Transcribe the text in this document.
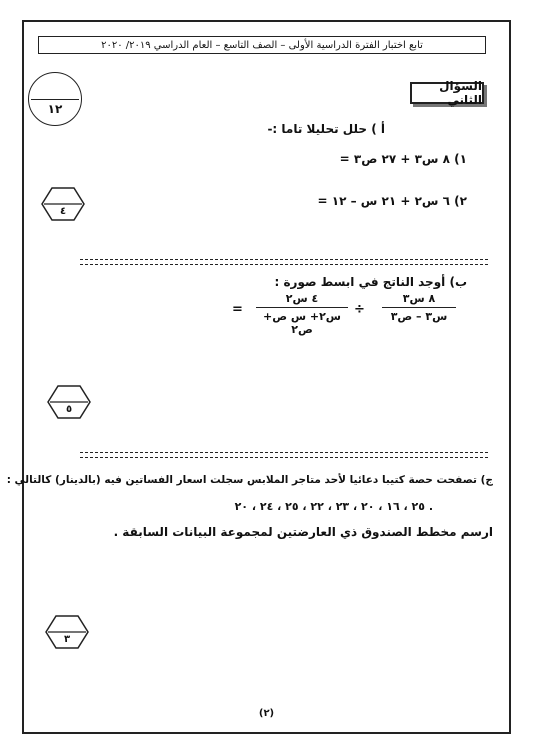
تابع اختبار الفترة الدراسية الأولى – الصف التاسع – العام الدراسي ٢٠١٩/ ٢٠٢٠
١٢
السؤال الثاني
أ ) حلل تحليلا تاما :-
١) ٨ س٣ + ٢٧ ص٣ =
٢) ٦ س٢ + ٢١ س – ١٢ =
٤
ب) أوجد الناتج في ابسط صورة :
٨ س٣
س٣ – ص٣
÷
٤ س٢
س٢+ س ص+ ص٢
=
٥
ج) تصفحت حصة كتيبا دعائيا لأحد متاجر الملابس سجلت اسعار الفساتين فيه (بالدينار) كالتالي :
٢٥ ، ١٦ ، ٢٠ ، ٢٣ ، ٢٢ ، ٢٥ ، ٢٤ ، ٢٠ .
ارسم مخطط الصندوق ذي العارضتين لمجموعة البيانات السابقة .
٣
(٢)
